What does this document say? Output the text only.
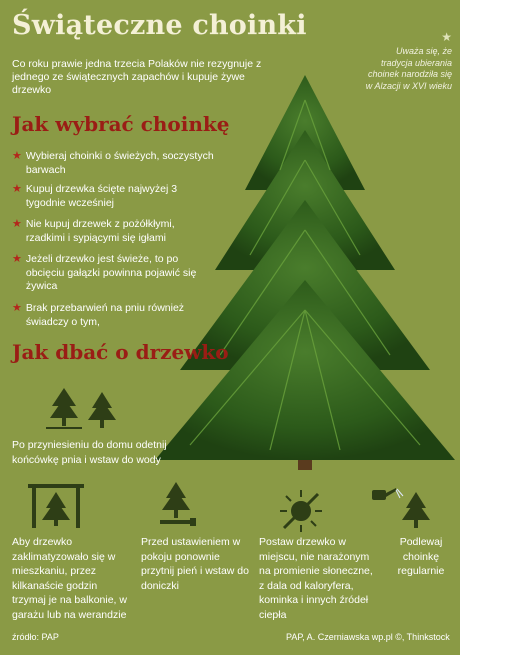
Świąteczne choinki
Co roku prawie jedna trzecia Polaków nie rezygnuje z jednego ze świątecznych zapachów i kupuje żywe drzewko
★
Uważa się, że tradycja ubierania choinek narodziła się w Alzacji w XVI wieku
★
Jak wybrać choinkę
★ Wybieraj choinki o świeżych, soczystych barwach
★ Kupuj drzewka ścięte najwyżej 3 tygodnie wcześniej
★ Nie kupuj drzewek z pożółkłymi, rzadkimi i sypiącymi się igłami
★ Jeżeli drzewko jest świeże, to po obcięciu gałązki powinna pojawić się żywica
★ Brak przebarwień na pniu również świadczy o tym,
Jak dbać o drzewko
Po przyniesieniu do domu odetnij końcówkę pnia i wstaw do wody
Aby drzewko zaklimatyzowało się w mieszkaniu, przez kilkanaście godzin trzymaj je na balkonie, w garażu lub na werandzie
Przed ustawieniem w pokoju ponownie przytnij pień i wstaw do doniczki
Postaw drzewko w miejscu, nie narażonym na promienie słoneczne, z dala od kaloryfera, kominka i innych źródeł ciepła
Podlewaj choinkę regularnie
źródło: PAP	PAP, A. Czerniawska wp.pl ©, Thinkstock
